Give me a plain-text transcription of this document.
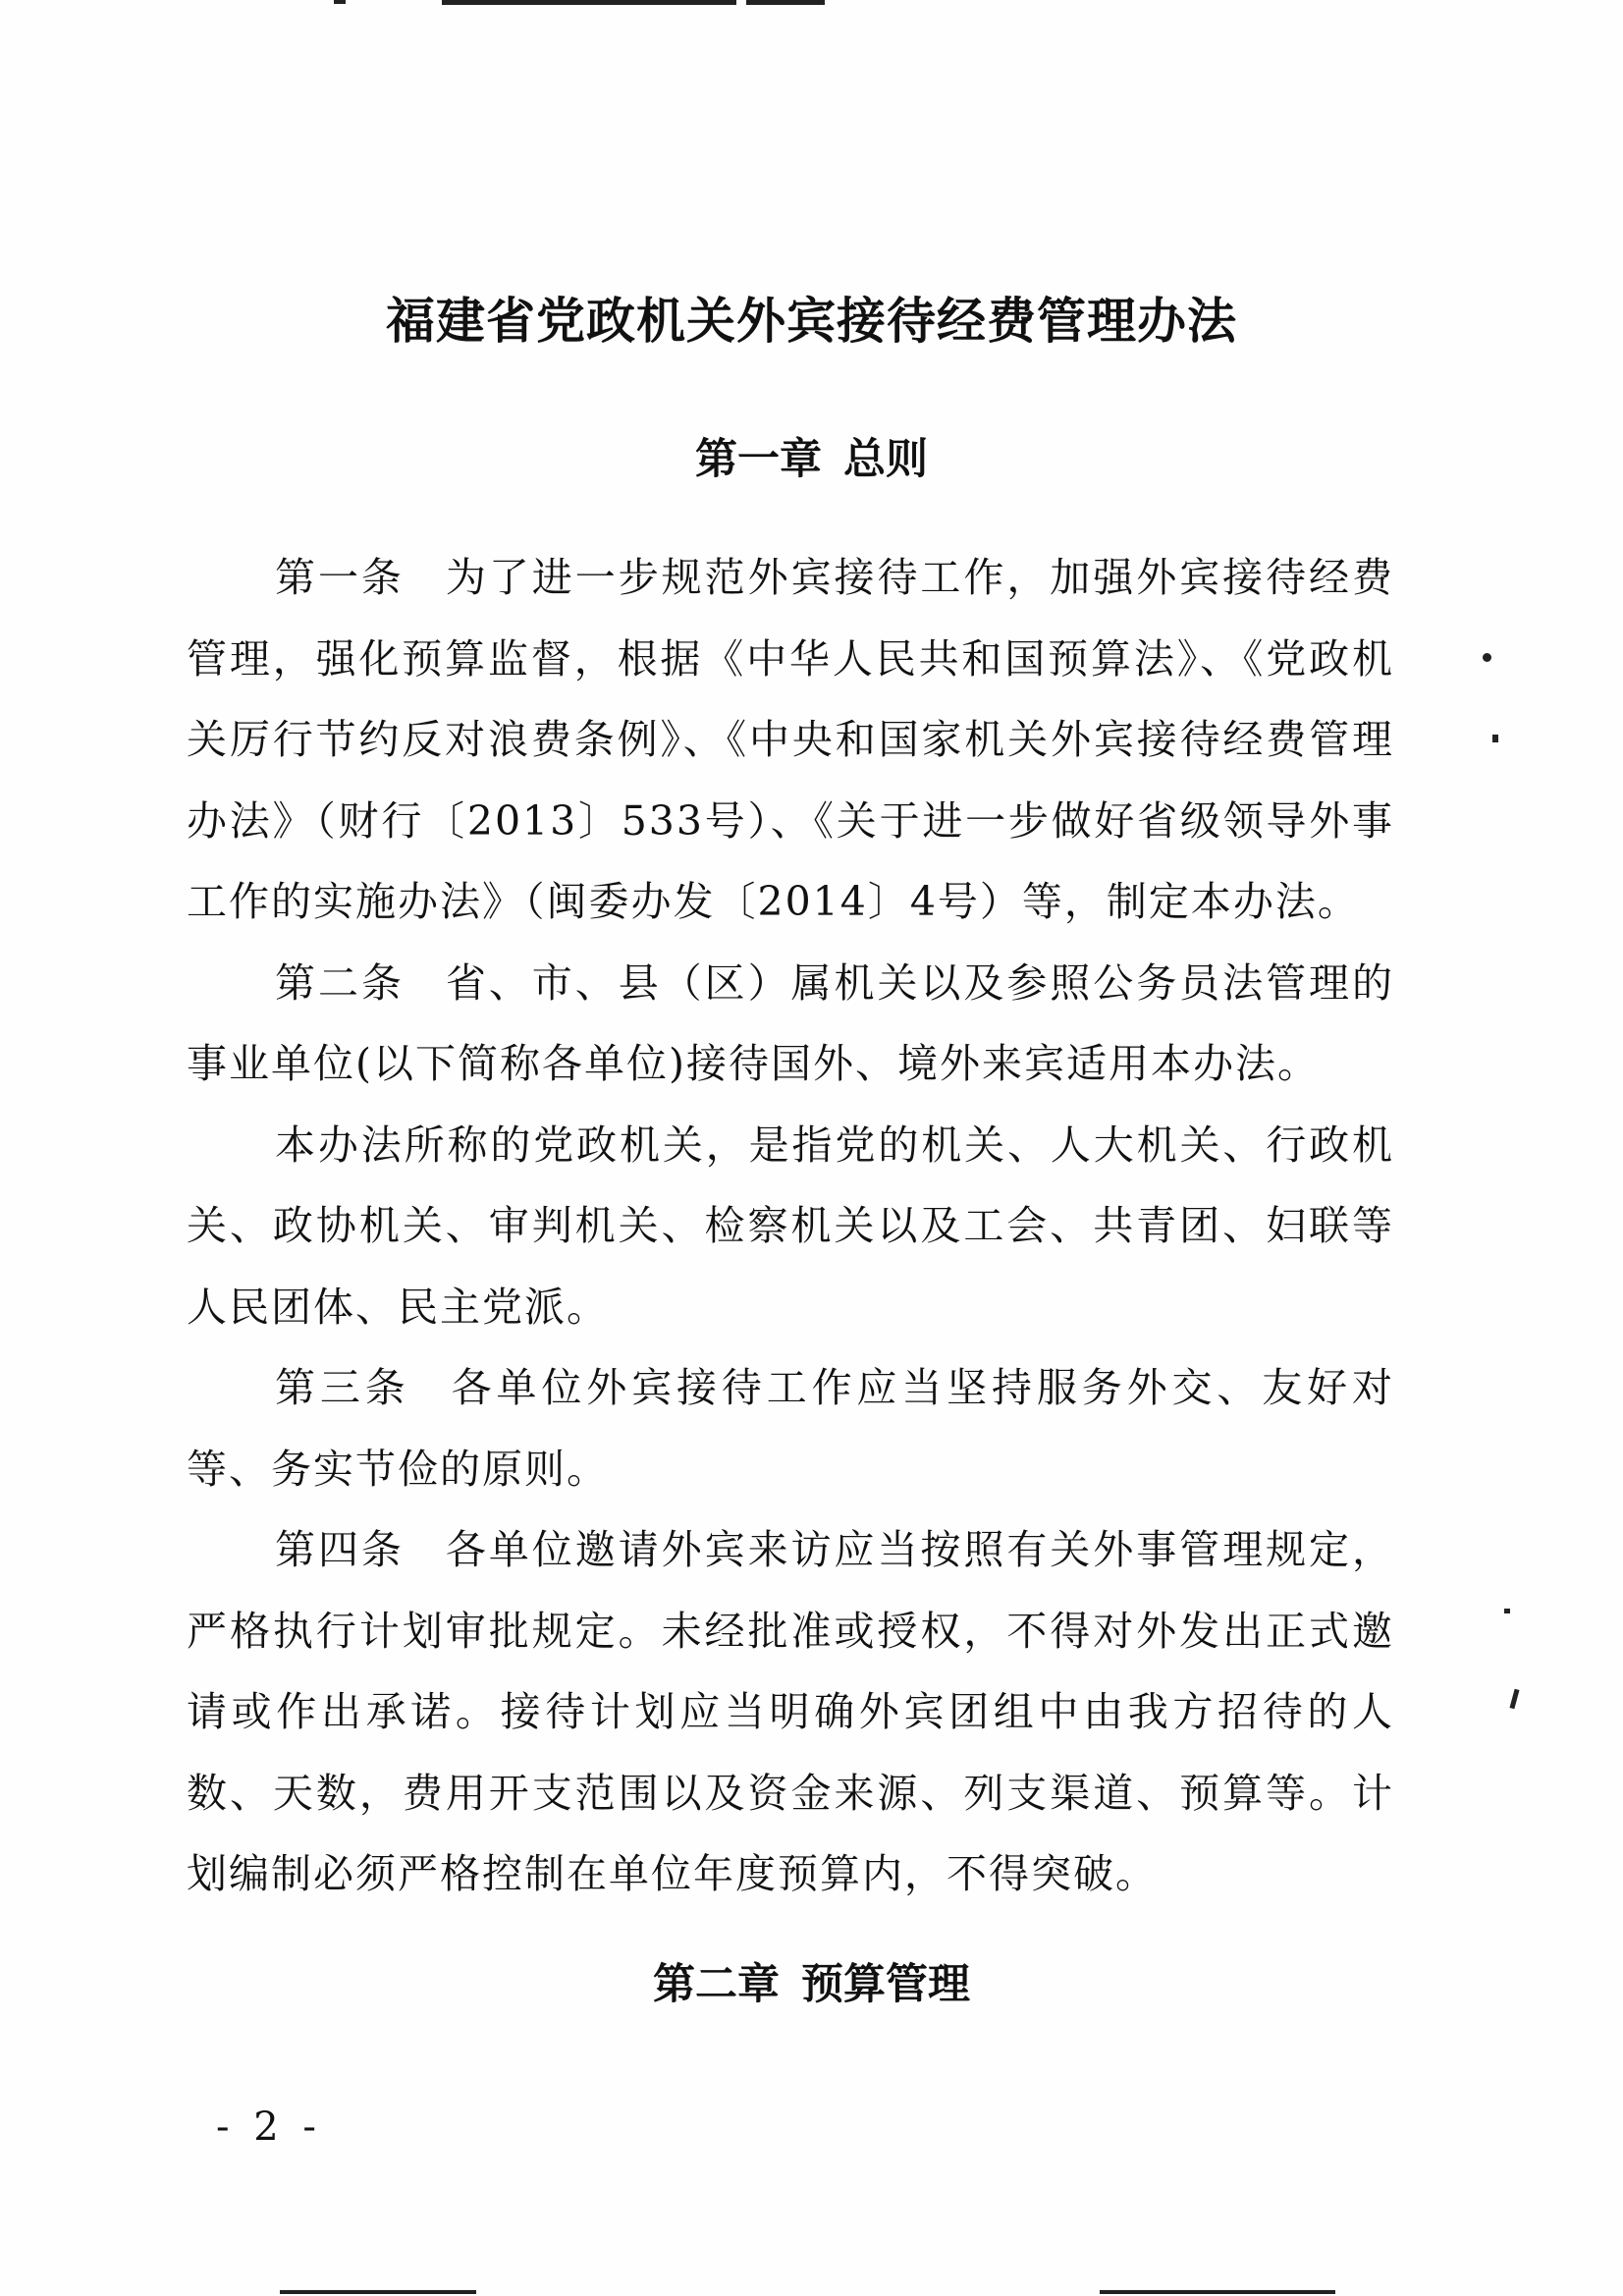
福建省党政机关外宾接待经费管理办法
第一章 总则

第一条 为了进一步规范外宾接待工作，加强外宾接待经费管理，强化预算监督，根据《中华人民共和国预算法》、《党政机关厉行节约反对浪费条例》、《中央和国家机关外宾接待经费管理办法》（财行〔2013〕533号）、《关于进一步做好省级领导外事工作的实施办法》（闽委办发〔2014〕4号）等，制定本办法。

第二条 省、市、县（区）属机关以及参照公务员法管理的事业单位(以下简称各单位)接待国外、境外来宾适用本办法。

本办法所称的党政机关，是指党的机关、人大机关、行政机关、政协机关、审判机关、检察机关以及工会、共青团、妇联等人民团体、民主党派。

第三条 各单位外宾接待工作应当坚持服务外交、友好对等、务实节俭的原则。

第四条 各单位邀请外宾来访应当按照有关外事管理规定，严格执行计划审批规定。未经批准或授权，不得对外发出正式邀请或作出承诺。接待计划应当明确外宾团组中由我方招待的人数、天数，费用开支范围以及资金来源、列支渠道、预算等。计划编制必须严格控制在单位年度预算内，不得突破。

第二章 预算管理
- 2 -
